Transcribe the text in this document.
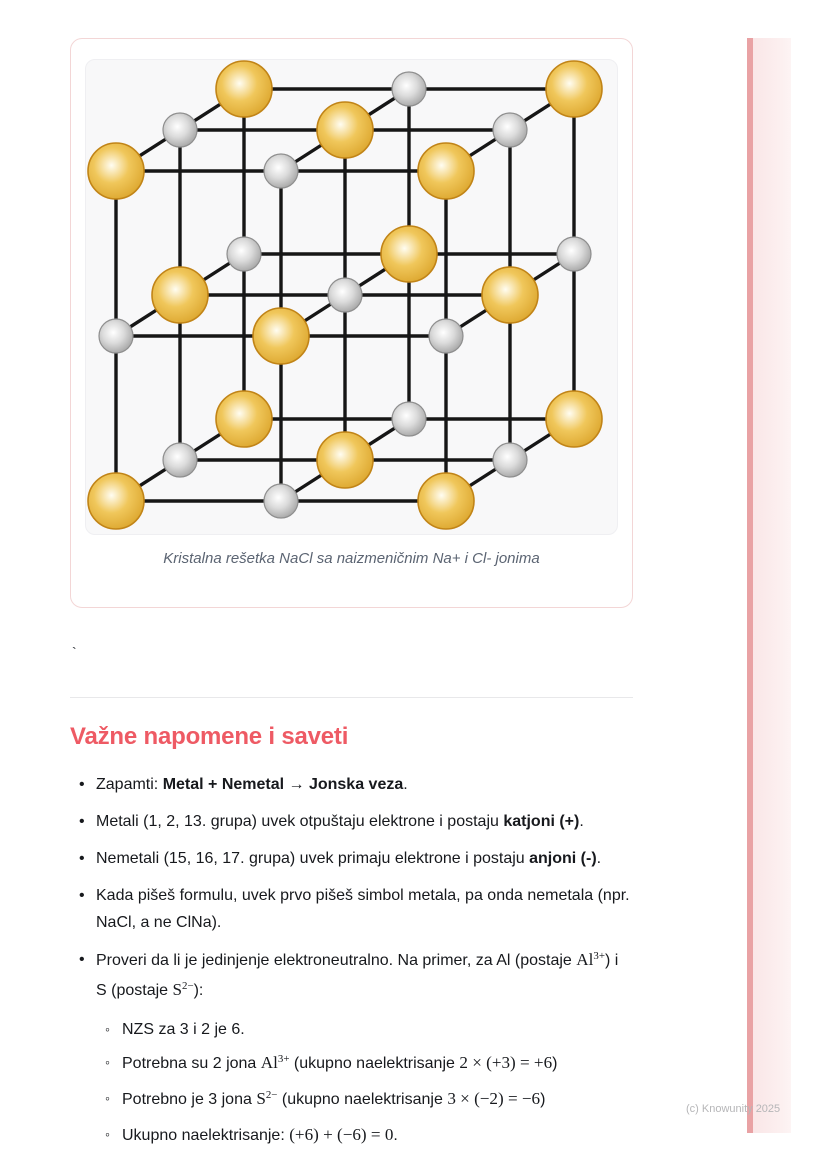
Kristalna rešetka NaCl sa naizmeničnim Na+ i Cl- jonima

`

Važne napomene i saveti
• Zapamti: Metal + Nemetal → Jonska veza.
• Metali (1, 2, 13. grupa) uvek otpuštaju elektrone i postaju katjoni (+).
• Nemetali (15, 16, 17. grupa) uvek primaju elektrone i postaju anjoni (-).
• Kada pišeš formulu, uvek prvo pišeš simbol metala, pa onda nemetala (npr. NaCl, a ne ClNa).
• Proveri da li je jedinjenje elektroneutralno. Na primer, za Al (postaje $Al^{3+}$) i S (postaje $S^{2-}$):
◦ NZS za 3 i 2 je 6.
◦ Potrebna su 2 jona $Al^{3+}$ (ukupno naelektrisanje 2 × (+3) = +6)
◦ Potrebno je 3 jona $S^{2-}$ (ukupno naelektrisanje 3 × (−2) = −6)
◦ Ukupno naelektrisanje: (+6) + (−6) = 0.
(c) Knowunity 2025
